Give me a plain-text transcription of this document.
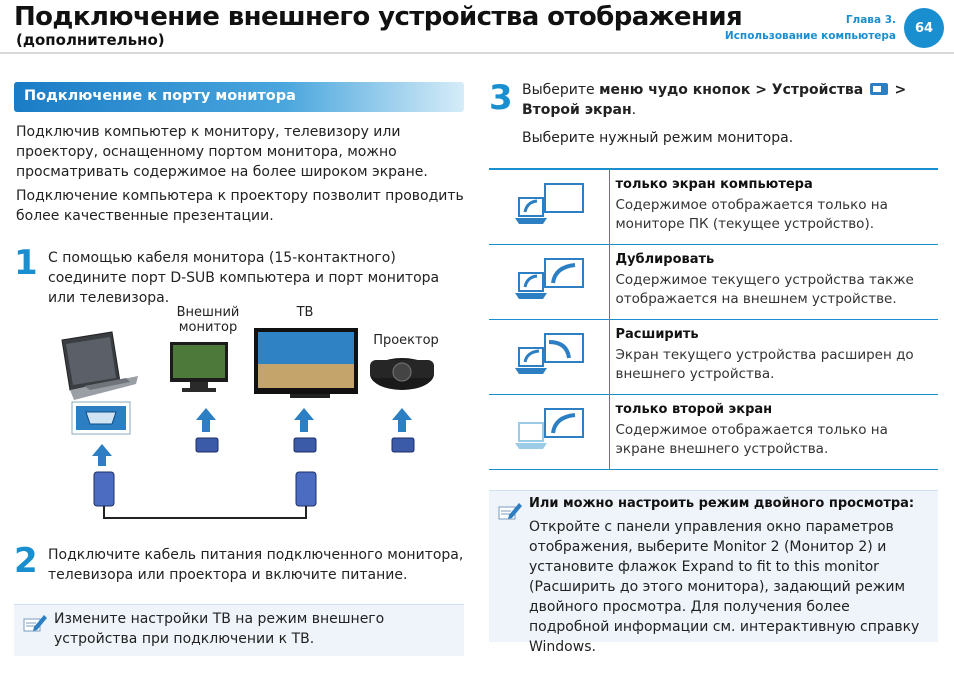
Подключение внешнего устройства отображения
(дополнительно)
Глава 3.
Использование компьютера
64
Подключение к порту монитора
Подключив компьютер к монитору, телевизору или проектору, оснащенному портом монитора, можно просматривать содержимое на более широком экране.
Подключение компьютера к проектору позволит проводить более качественные презентации.
1 С помощью кабеля монитора (15-контактного) соедините порт D-SUB компьютера и порт монитора или телевизора.
Внешний
монитор
ТВ
Проектор
2 Подключите кабель питания подключенного монитора, телевизора или проектора и включите питание.
Измените настройки ТВ на режим внешнего устройства при подключении к ТВ.
3 Выберите меню чудо кнопок > Устройства  > Второй экран.
Выберите нужный режим монитора.

только экран компьютера
Содержимое отображается только на мониторе ПК (текущее устройство).

Дублировать
Содержимое текущего устройства также отображается на внешнем устройстве.

Расширить
Экран текущего устройства расширен до внешнего устройства.

только второй экран
Содержимое отображается только на экране внешнего устройства.
Или можно настроить режим двойного просмотра:
Откройте с панели управления окно параметров отображения, выберите Monitor 2 (Монитор 2) и установите флажок Expand to fit to this monitor (Расширить до этого монитора), задающий режим двойного просмотра. Для получения более подробной информации см. интерактивную справку Windows.
